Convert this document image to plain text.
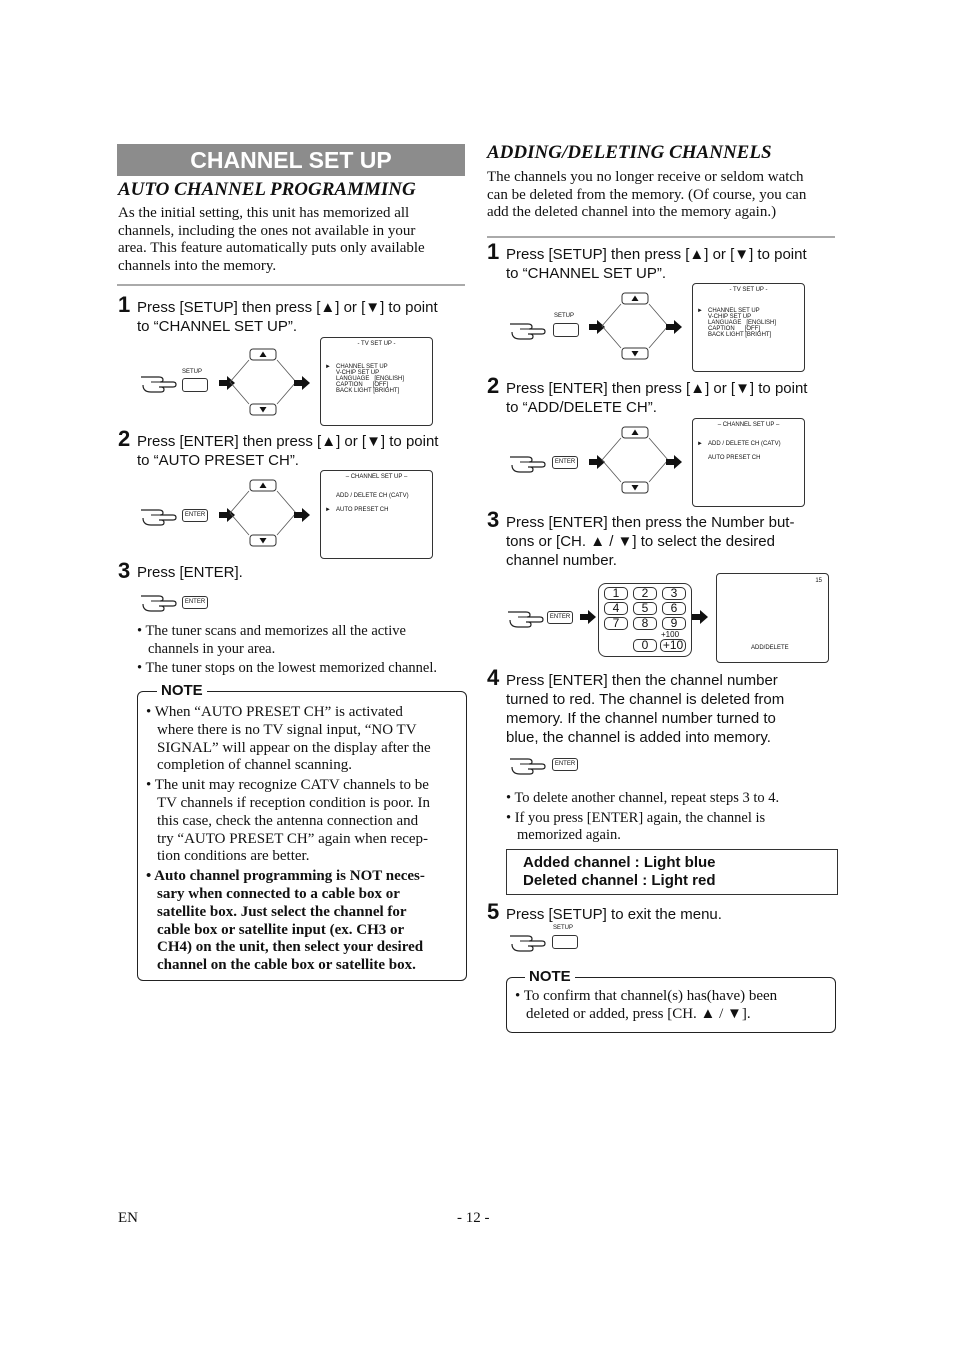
CHANNEL SET UP
AUTO CHANNEL PROGRAMMING
As the initial setting, this unit has memorized all
channels, including the ones not available in your
area. This feature automatically puts only available
channels into the memory.
1 Press [SETUP] then press [▲] or [▼] to point
to “CHANNEL SET UP”.
SETUP
- TV SET UP -
► CHANNEL SET UP
V-CHIP SET UP
LANGUAGE   [ENGLISH]
CAPTION      [OFF]
BACK LIGHT [BRIGHT]
2 Press [ENTER] then press [▲] or [▼] to point
to “AUTO PRESET CH”.
ENTER
– CHANNEL SET UP –
ADD / DELETE CH (CATV)
► AUTO PRESET CH
3 Press [ENTER].
ENTER
• The tuner scans and memorizes all the active
channels in your area.
• The tuner stops on the lowest memorized channel.
NOTE
• When “AUTO PRESET CH” is activated
where there is no TV signal input, “NO TV
SIGNAL” will appear on the display after the
completion of channel scanning.
• The unit may recognize CATV channels to be
TV channels if reception condition is poor. In
this case, check the antenna connection and
try “AUTO PRESET CH” again when recep-
tion conditions are better.
• Auto channel programming is NOT neces-
sary when connected to a cable box or
satellite box. Just select the channel for
cable box or satellite input (ex. CH3 or
CH4) on the unit, then select your desired
channel on the cable box or satellite box.
ADDING/DELETING CHANNELS
The channels you no longer receive or seldom watch
can be deleted from the memory. (Of course, you can
add the deleted channel into the memory again.)
1 Press [SETUP] then press [▲] or [▼] to point
to “CHANNEL SET UP”.
SETUP
- TV SET UP -
► CHANNEL SET UP
V-CHIP SET UP
LANGUAGE   [ENGLISH]
CAPTION      [OFF]
BACK LIGHT [BRIGHT]
2 Press [ENTER] then press [▲] or [▼] to point
to “ADD/DELETE CH”.
ENTER
– CHANNEL SET UP –
► ADD / DELETE CH (CATV)
AUTO PRESET CH
3 Press [ENTER] then press the Number but-
tons or [CH. ▲ / ▼] to select the desired
channel number.
ENTER
1	2	3
4	5	6
7	8	9
+100
0	+10
15
ADD/DELETE
4 Press [ENTER] then the channel number
turned to red. The channel is deleted from
memory. If the channel number turned to
blue, the channel is added into memory.
ENTER
• To delete another channel, repeat steps 3 to 4.
• If you press [ENTER] again, the channel is
memorized again.
Added channel : Light blue
Deleted channel : Light red
5 Press [SETUP] to exit the menu.
SETUP
NOTE
• To confirm that channel(s) has(have) been
deleted or added, press [CH. ▲ / ▼].
EN	- 12 -
